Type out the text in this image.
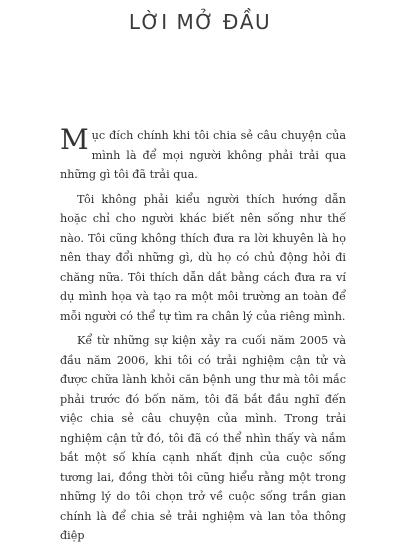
LỜI MỞ ĐẦU

Mục đích chính khi tôi chia sẻ câu chuyện của mình là để mọi người không phải trải qua những gì tôi đã trải qua.

Tôi không phải kiểu người thích hướng dẫn hoặc chỉ cho người khác biết nên sống như thế nào. Tôi cũng không thích đưa ra lời khuyên là họ nên thay đổi những gì, dù họ có chủ động hỏi đi chăng nữa. Tôi thích dẫn dắt bằng cách đưa ra ví dụ mình họa và tạo ra một môi trường an toàn để mỗi người có thể tự tìm ra chân lý của riêng mình.

Kể từ những sự kiện xảy ra cuối năm 2005 và đầu năm 2006, khi tôi có trải nghiệm cận tử và được chữa lành khỏi căn bệnh ung thư mà tôi mắc phải trước đó bốn năm, tôi đã bắt đầu nghĩ đến việc chia sẻ câu chuyện của mình. Trong trải nghiệm cận tử đó, tôi đã có thể nhìn thấy và nắm bắt một số khía cạnh nhất định của cuộc sống tương lai, đồng thời tôi cũng hiểu rằng một trong những lý do tôi chọn trở về cuộc sống trần gian chính là để chia sẻ trải nghiệm và lan tỏa thông điệp
